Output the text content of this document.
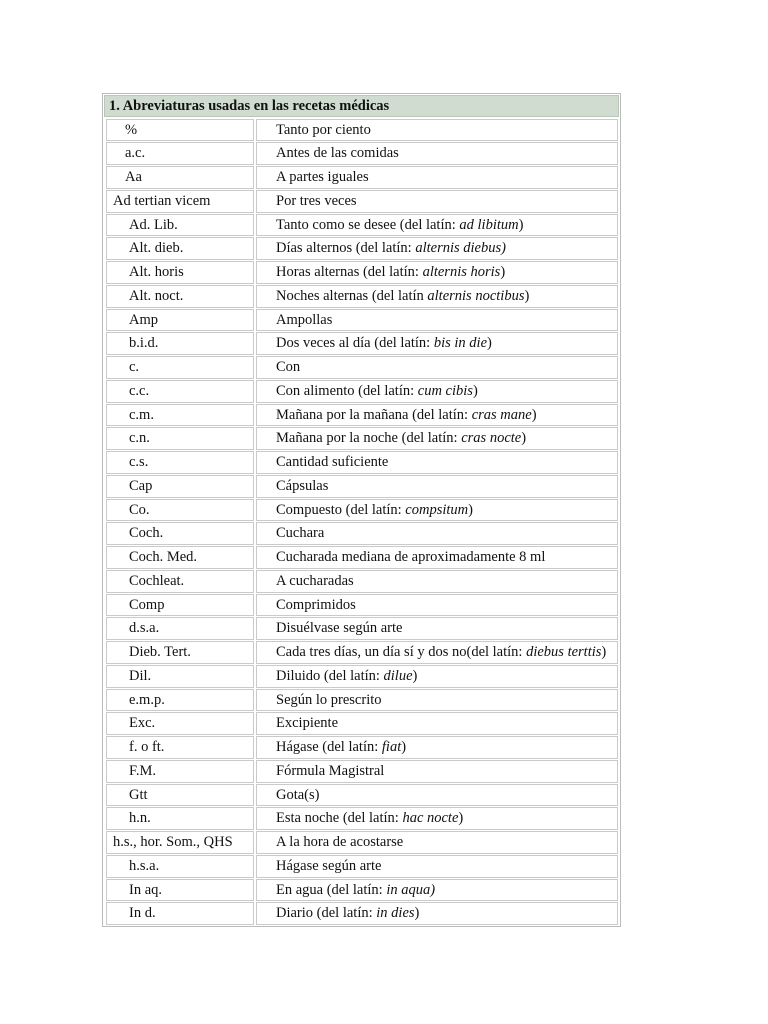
1. Abreviaturas usadas en las recetas médicas
%	Tanto por ciento
a.c.	Antes de las comidas
Aa	A partes iguales
Ad tertian vicem	Por tres veces
Ad. Lib.	Tanto como se desee (del latín: ad libitum)
Alt. dieb.	Días alternos (del latín: alternis diebus)
Alt. horis	Horas alternas (del latín: alternis horis)
Alt. noct.	Noches alternas (del latín alternis noctibus)
Amp	Ampollas
b.i.d.	Dos veces al día (del latín: bis in die)
c.	Con
c.c.	Con alimento (del latín: cum cibis)
c.m.	Mañana por la mañana (del latín: cras mane)
c.n.	Mañana por la noche (del latín: cras nocte)
c.s.	Cantidad suficiente
Cap	Cápsulas
Co.	Compuesto (del latín: compsitum)
Coch.	Cuchara
Coch. Med.	Cucharada mediana de aproximadamente 8 ml
Cochleat.	A cucharadas
Comp	Comprimidos
d.s.a.	Disuélvase según arte
Dieb. Tert.	Cada tres días, un día sí y dos no(del latín: diebus terttis)
Dil.	Diluido (del latín: dilue)
e.m.p.	Según lo prescrito
Exc.	Excipiente
f. o ft.	Hágase (del latín: fiat)
F.M.	Fórmula Magistral
Gtt	Gota(s)
h.n.	Esta noche (del latín: hac nocte)
h.s., hor. Som., QHS	A la hora de acostarse
h.s.a.	Hágase según arte
In aq.	En agua (del latín: in aqua)
In d.	Diario (del latín: in dies)
